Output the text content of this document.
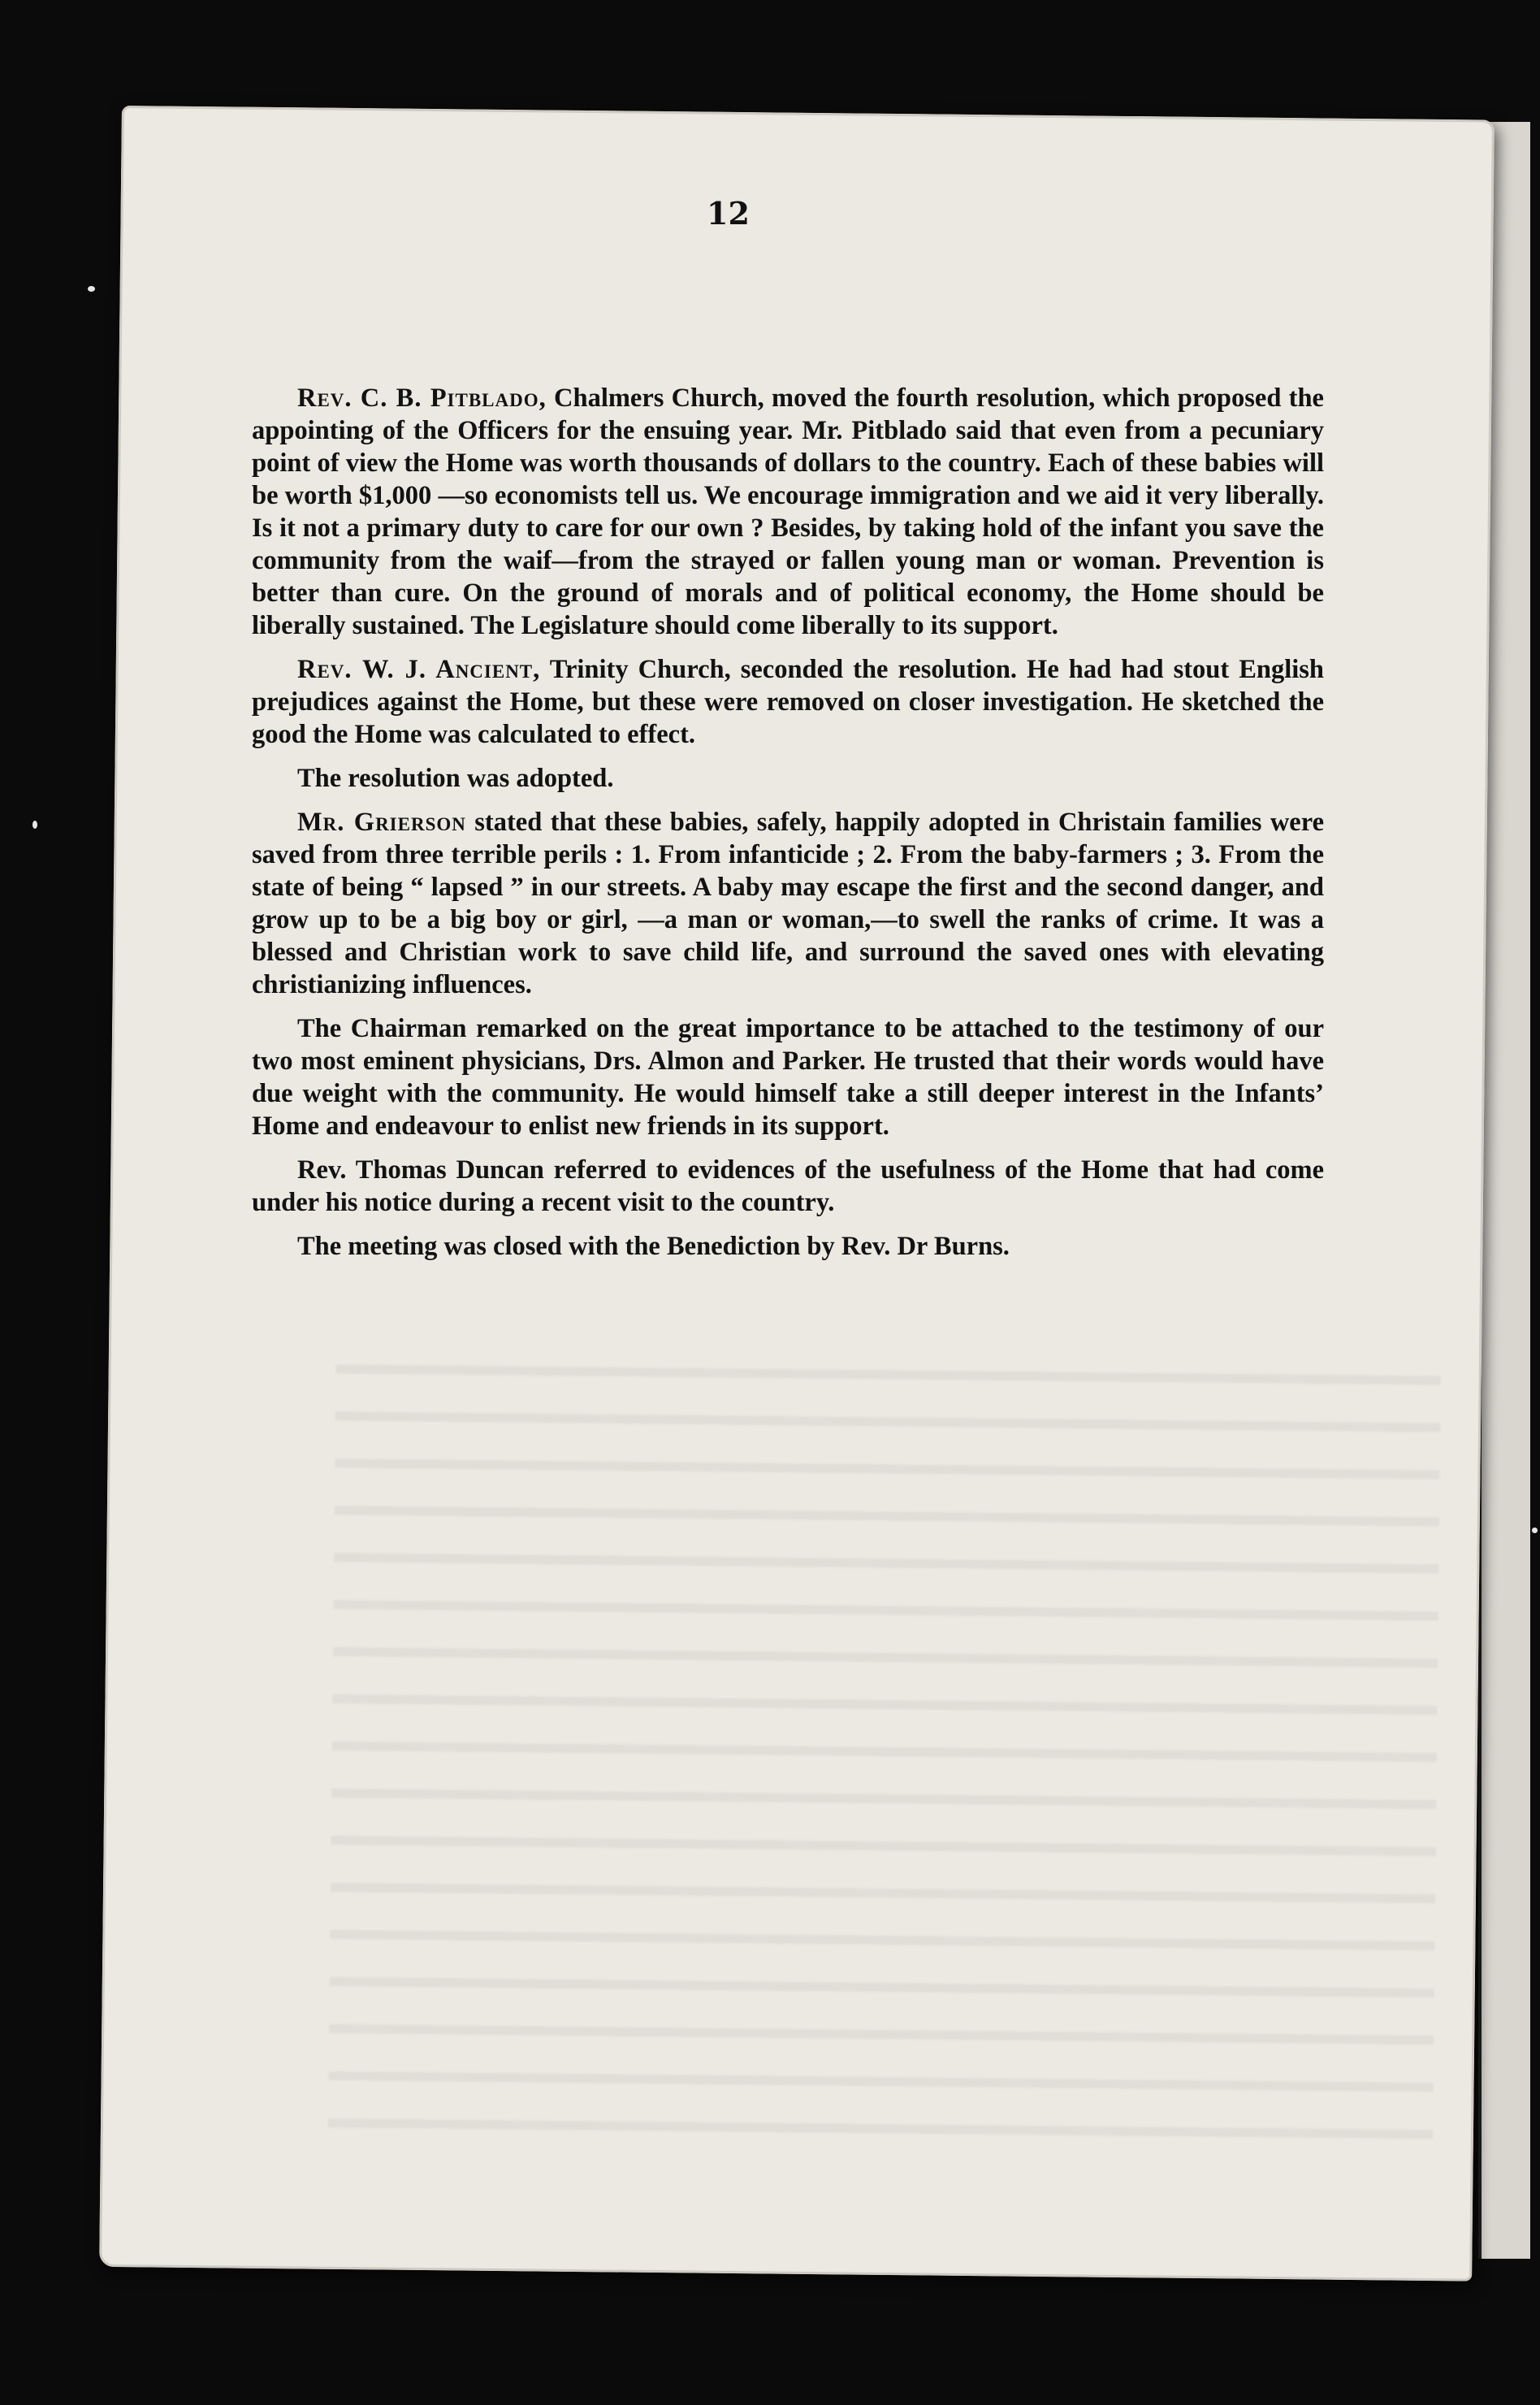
12

Rev. C. B. Pitblado, Chalmers Church, moved the fourth resolution, which proposed the appointing of the Officers for the ensuing year. Mr. Pitblado said that even from a pecuniary point of view the Home was worth thousands of dollars to the country. Each of these babies will be worth $1,000 —so economists tell us. We encourage immigration and we aid it very liberally. Is it not a primary duty to care for our own ? Besides, by taking hold of the infant you save the community from the waif—from the strayed or fallen young man or woman. Prevention is better than cure. On the ground of morals and of political economy, the Home should be liberally sustained. The Legislature should come liberally to its support.

Rev. W. J. Ancient, Trinity Church, seconded the resolution. He had had stout English prejudices against the Home, but these were removed on closer investigation. He sketched the good the Home was calculated to effect.

The resolution was adopted.

Mr. Grierson stated that these babies, safely, happily adopted in Christain families were saved from three terrible perils : 1. From infanticide ; 2. From the baby-farmers ; 3. From the state of being “ lapsed ” in our streets. A baby may escape the first and the second danger, and grow up to be a big boy or girl, —a man or woman,—to swell the ranks of crime. It was a blessed and Christian work to save child life, and surround the saved ones with elevating christianizing influences.

The Chairman remarked on the great importance to be attached to the testimony of our two most eminent physicians, Drs. Almon and Parker. He trusted that their words would have due weight with the community. He would himself take a still deeper interest in the Infants’ Home and endeavour to enlist new friends in its support.

Rev. Thomas Duncan referred to evidences of the usefulness of the Home that had come under his notice during a recent visit to the country.

The meeting was closed with the Benediction by Rev. Dr Burns.
